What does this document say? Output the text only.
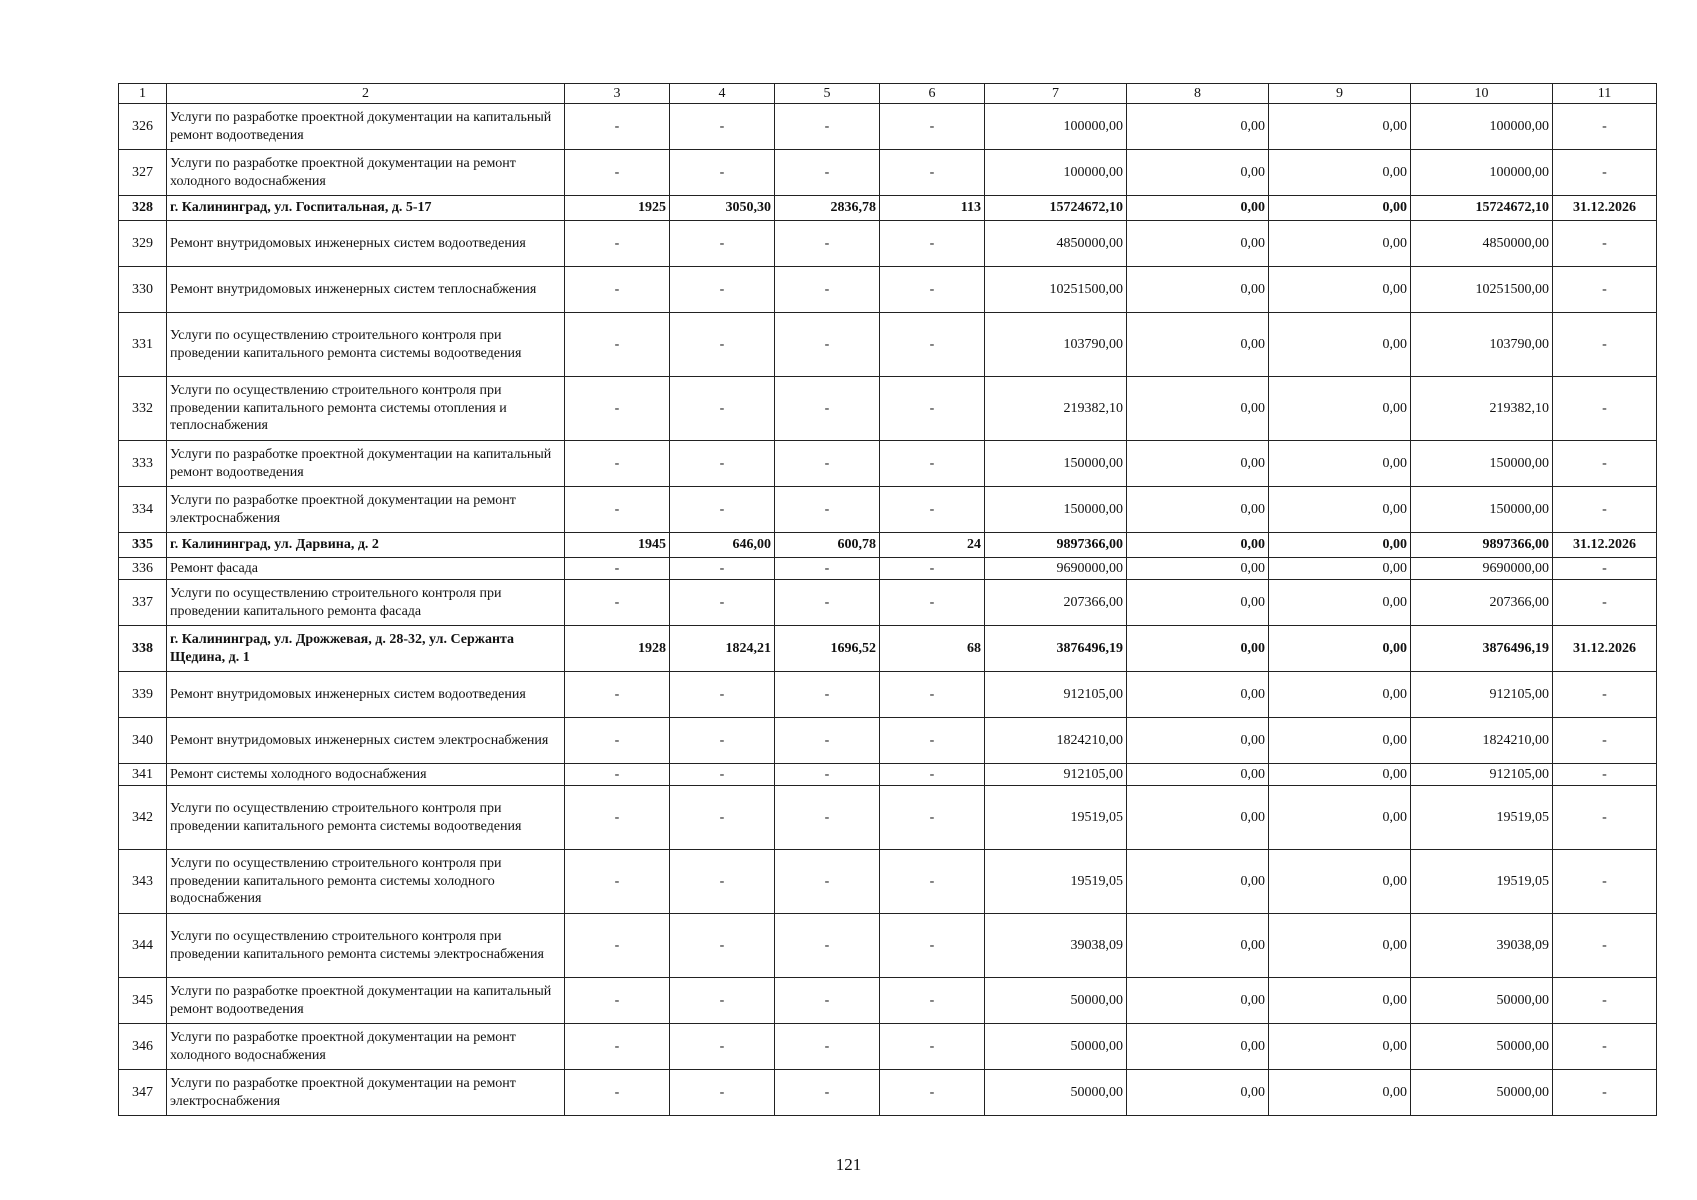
1	2	3	4	5	6	7	8	9	10	11
326	Услуги по разработке проектной документации на капитальный ремонт водоотведения	-	-	-	-	100000,00	0,00	0,00	100000,00	-
327	Услуги по разработке проектной документации на ремонт холодного водоснабжения	-	-	-	-	100000,00	0,00	0,00	100000,00	-
328	г. Калининград, ул. Госпитальная, д. 5-17	1925	3050,30	2836,78	113	15724672,10	0,00	0,00	15724672,10	31.12.2026
329	Ремонт внутридомовых инженерных систем водоотведения	-	-	-	-	4850000,00	0,00	0,00	4850000,00	-
330	Ремонт внутридомовых инженерных систем теплоснабжения	-	-	-	-	10251500,00	0,00	0,00	10251500,00	-
331	Услуги по осуществлению строительного контроля при проведении капитального ремонта системы водоотведения	-	-	-	-	103790,00	0,00	0,00	103790,00	-
332	Услуги по осуществлению строительного контроля при проведении капитального ремонта системы отопления и теплоснабжения	-	-	-	-	219382,10	0,00	0,00	219382,10	-
333	Услуги по разработке проектной документации на капитальный ремонт водоотведения	-	-	-	-	150000,00	0,00	0,00	150000,00	-
334	Услуги по разработке проектной документации на ремонт электроснабжения	-	-	-	-	150000,00	0,00	0,00	150000,00	-
335	г. Калининград, ул. Дарвина, д. 2	1945	646,00	600,78	24	9897366,00	0,00	0,00	9897366,00	31.12.2026
336	Ремонт фасада	-	-	-	-	9690000,00	0,00	0,00	9690000,00	-
337	Услуги по осуществлению строительного контроля при проведении капитального ремонта фасада	-	-	-	-	207366,00	0,00	0,00	207366,00	-
338	г. Калининград, ул. Дрожжевая, д. 28-32, ул. Сержанта Щедина, д. 1	1928	1824,21	1696,52	68	3876496,19	0,00	0,00	3876496,19	31.12.2026
339	Ремонт внутридомовых инженерных систем водоотведения	-	-	-	-	912105,00	0,00	0,00	912105,00	-
340	Ремонт внутридомовых инженерных систем электроснабжения	-	-	-	-	1824210,00	0,00	0,00	1824210,00	-
341	Ремонт системы холодного водоснабжения	-	-	-	-	912105,00	0,00	0,00	912105,00	-
342	Услуги по осуществлению строительного контроля при проведении капитального ремонта системы водоотведения	-	-	-	-	19519,05	0,00	0,00	19519,05	-
343	Услуги по осуществлению строительного контроля при проведении капитального ремонта системы холодного водоснабжения	-	-	-	-	19519,05	0,00	0,00	19519,05	-
344	Услуги по осуществлению строительного контроля при проведении капитального ремонта системы электроснабжения	-	-	-	-	39038,09	0,00	0,00	39038,09	-
345	Услуги по разработке проектной документации на капитальный ремонт водоотведения	-	-	-	-	50000,00	0,00	0,00	50000,00	-
346	Услуги по разработке проектной документации на ремонт холодного водоснабжения	-	-	-	-	50000,00	0,00	0,00	50000,00	-
347	Услуги по разработке проектной документации на ремонт электроснабжения	-	-	-	-	50000,00	0,00	0,00	50000,00	-
121
